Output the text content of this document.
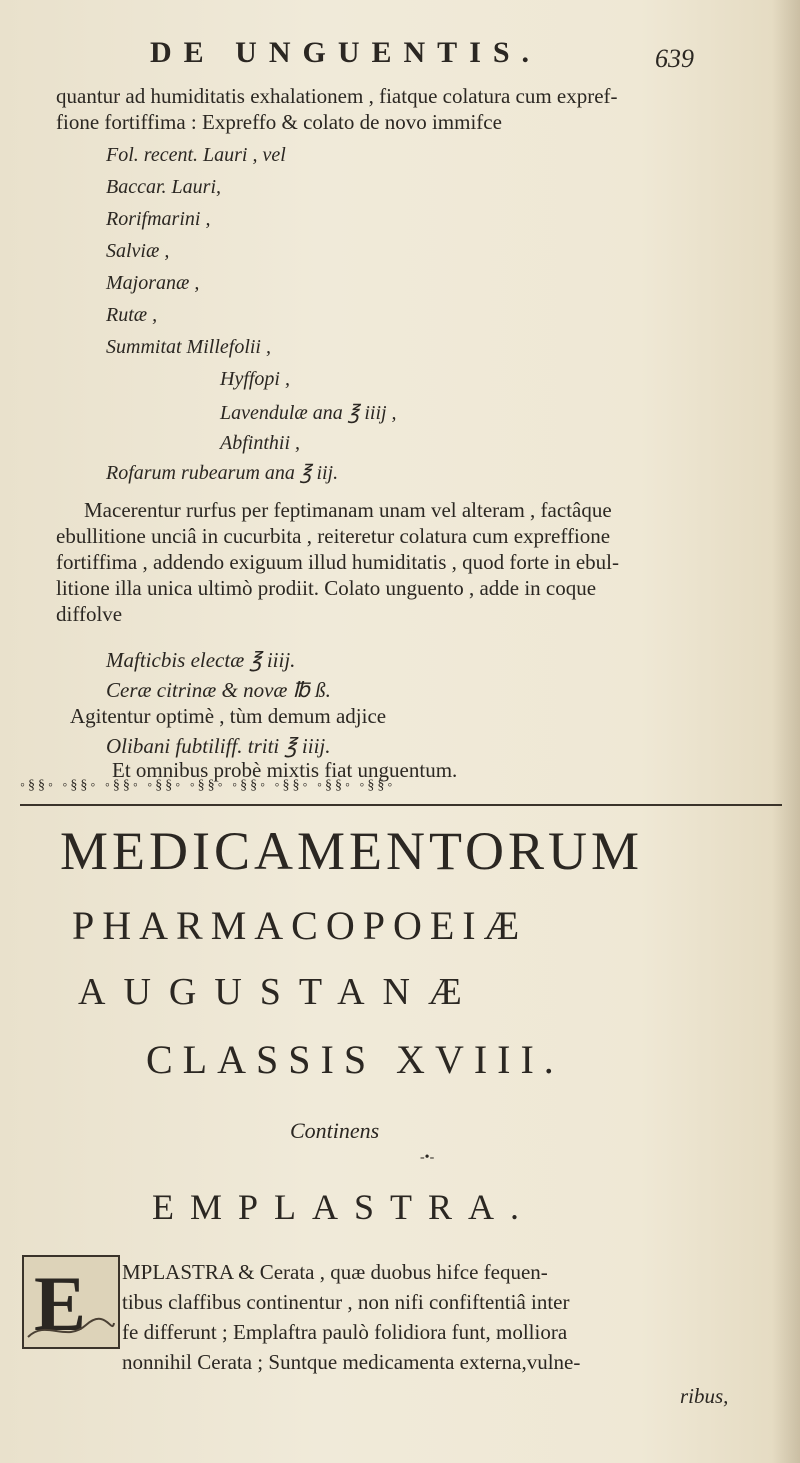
DE UNGUENTIS.	639
quantur ad humiditatis exhalationem , fiatque colatura cum expref-
fione fortiffima : Expreffo & colato de novo immifce
Fol. recent. Lauri , vel
Baccar. Lauri,
Rorifmarini ,
Salviæ ,
Majoranæ ,
Rutæ ,
Summitat Millefolii ,
Hyffopi ,
Lavendulæ ana ℥ iiij ,
Abfinthii ,
Rofarum rubearum ana ℥ iij.
Macerentur rurfus per feptimanam unam vel alteram , factâque
ebullitione unciâ in cucurbita , reiteretur colatura cum expreffione
fortiffima , addendo exiguum illud humiditatis , quod forte in ebul-
litione illa unica ultimò prodiit. Colato unguento , adde in coque
diffolve
Mafticbis electæ ℥ iiij.
Ceræ citrinæ & novæ ℔ ß.
Agitentur optimè , tùm demum adjice
Olibani fubtiliff. triti ℥ iiij.
Et omnibus probè mixtis fiat unguentum.
◦§§◦ ◦§§◦ ◦§§◦ ◦§§◦ ◦§§◦ ◦§§◦ ◦§§◦ ◦§§◦ ◦§§◦
MEDICAMENTORUM
PHARMACOPOEIÆ
AUGUSTANÆ
CLASSIS XVIII.
Continens
-•-
EMPLASTRA.
E MPLASTRA & Cerata , quæ duobus hifce fequen-
tibus claffibus continentur , non nifi confiftentiâ inter
fe differunt ; Emplaftra paulò folidiora funt, molliora
nonnihil Cerata ; Suntque medicamenta externa,vulne-
ribus,
